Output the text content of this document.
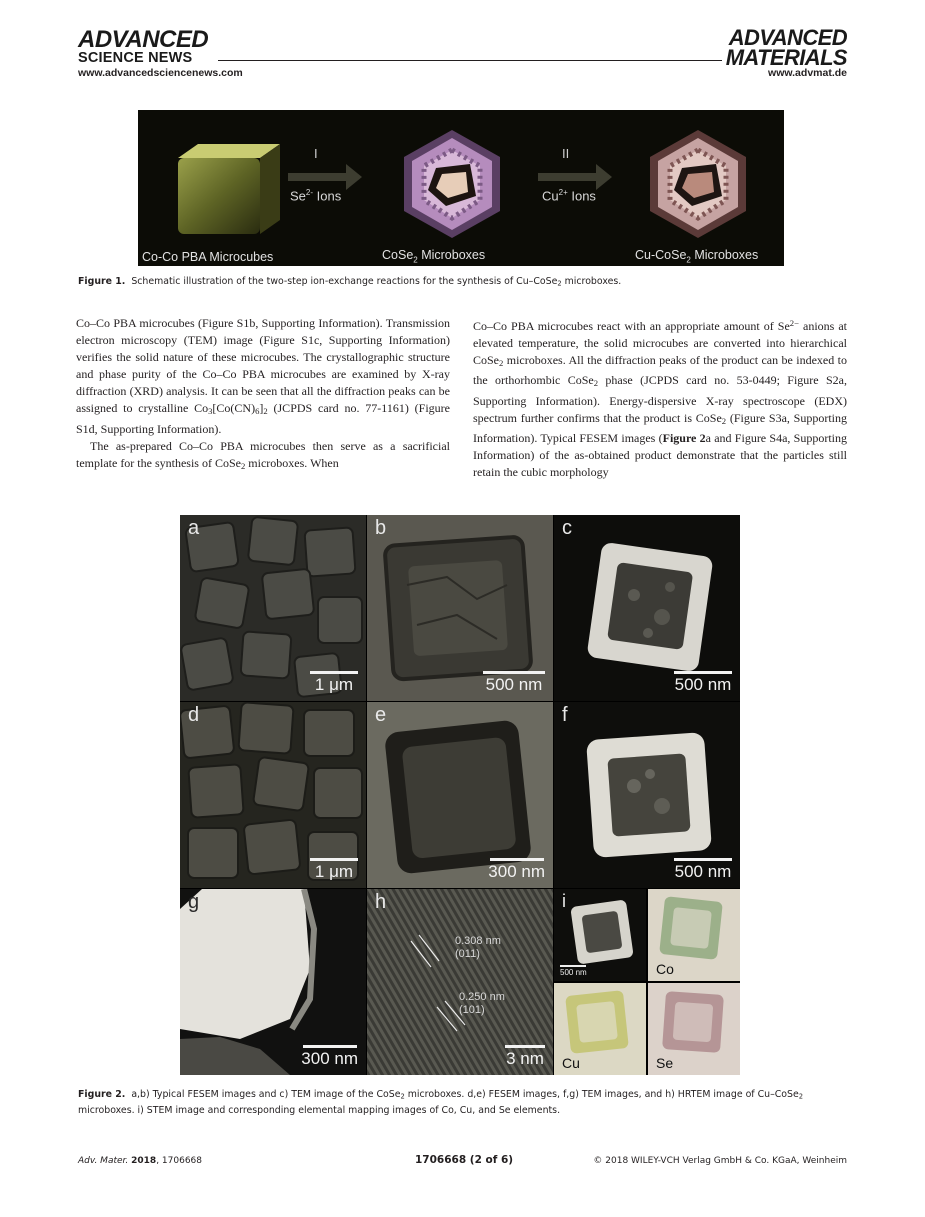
ADVANCED
SCIENCE NEWS
ADVANCED
MATERIALS
www.advancedsciencenews.com	www.advmat.de
I
$Se^{2-}$ Ions
II
$Cu^{2+}$ Ions
Co-Co PBA Microcubes	CoSe$_2$ Microboxes	Cu-CoSe$_2$ Microboxes
Figure 1. Schematic illustration of the two-step ion-exchange reactions for the synthesis of Cu–CoSe$_2$ microboxes.

Co–Co PBA microcubes (Figure S1b, Supporting Information). Transmission electron microscopy (TEM) image (Figure S1c, Supporting Information) verifies the solid nature of these microcubes. The crystallographic structure and phase purity of the Co–Co PBA microcubes are examined by X-ray diffraction (XRD) analysis. It can be seen that all the diffraction peaks can be assigned to crystalline $Co_3[Co(CN)_6]_2$ (JCPDS card no. 77-1161) (Figure S1d, Supporting Information).

The as-prepared Co–Co PBA microcubes then serve as a sacrificial template for the synthesis of CoSe$_2$ microboxes. When

Co–Co PBA microcubes react with an appropriate amount of $Se^{2-}$ anions at elevated temperature, the solid microcubes are converted into hierarchical CoSe$_2$ microboxes. All the diffraction peaks of the product can be indexed to the orthorhombic CoSe$_2$ phase (JCPDS card no. 53-0449; Figure S2a, Supporting Information). Energy-dispersive X-ray spectroscope (EDX) spectrum further confirms that the product is CoSe$_2$ (Figure S3a, Supporting Information). Typical FESEM images (Figure 2a and Figure S4a, Supporting Information) of the as-obtained product demonstrate that the particles still retain the cubic morphology

a
1 μm
b
500 nm
c
500 nm
d
1 μm
e
300 nm
f
500 nm
g
300 nm
h
0.308 nm
(011)
0.250 nm
(101)
3 nm
i
500 nm	Co
Cu	Se
Figure 2. a,b) Typical FESEM images and c) TEM image of the CoSe$_2$ microboxes. d,e) FESEM images, f,g) TEM images, and h) HRTEM image of Cu–CoSe$_2$ microboxes. i) STEM image and corresponding elemental mapping images of Co, Cu, and Se elements.
Adv. Mater. 2018, 1706668	1706668 (2 of 6)	© 2018 WILEY-VCH Verlag GmbH & Co. KGaA, Weinheim
